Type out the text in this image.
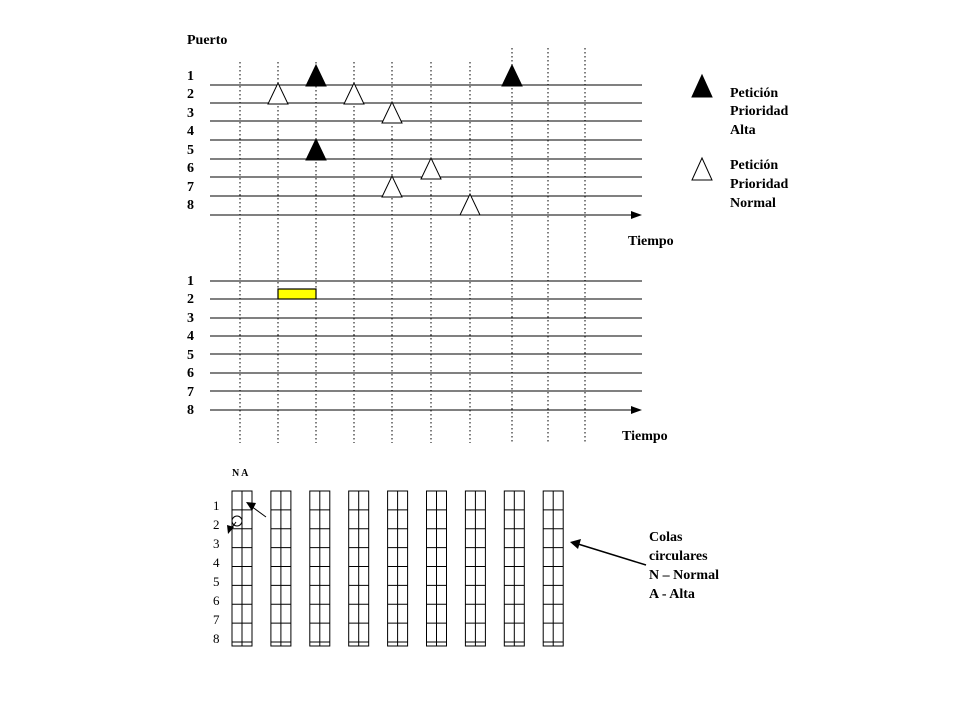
Puerto
1
2
3
4
5
6
7
8
Tiempo
Petición Prioridad Alta
Petición Prioridad Normal
1
2
3
4
5
6
7
8
Tiempo
N A
1
2
3
4
5
6
7
8
Colas circulares N – Normal A - Alta
